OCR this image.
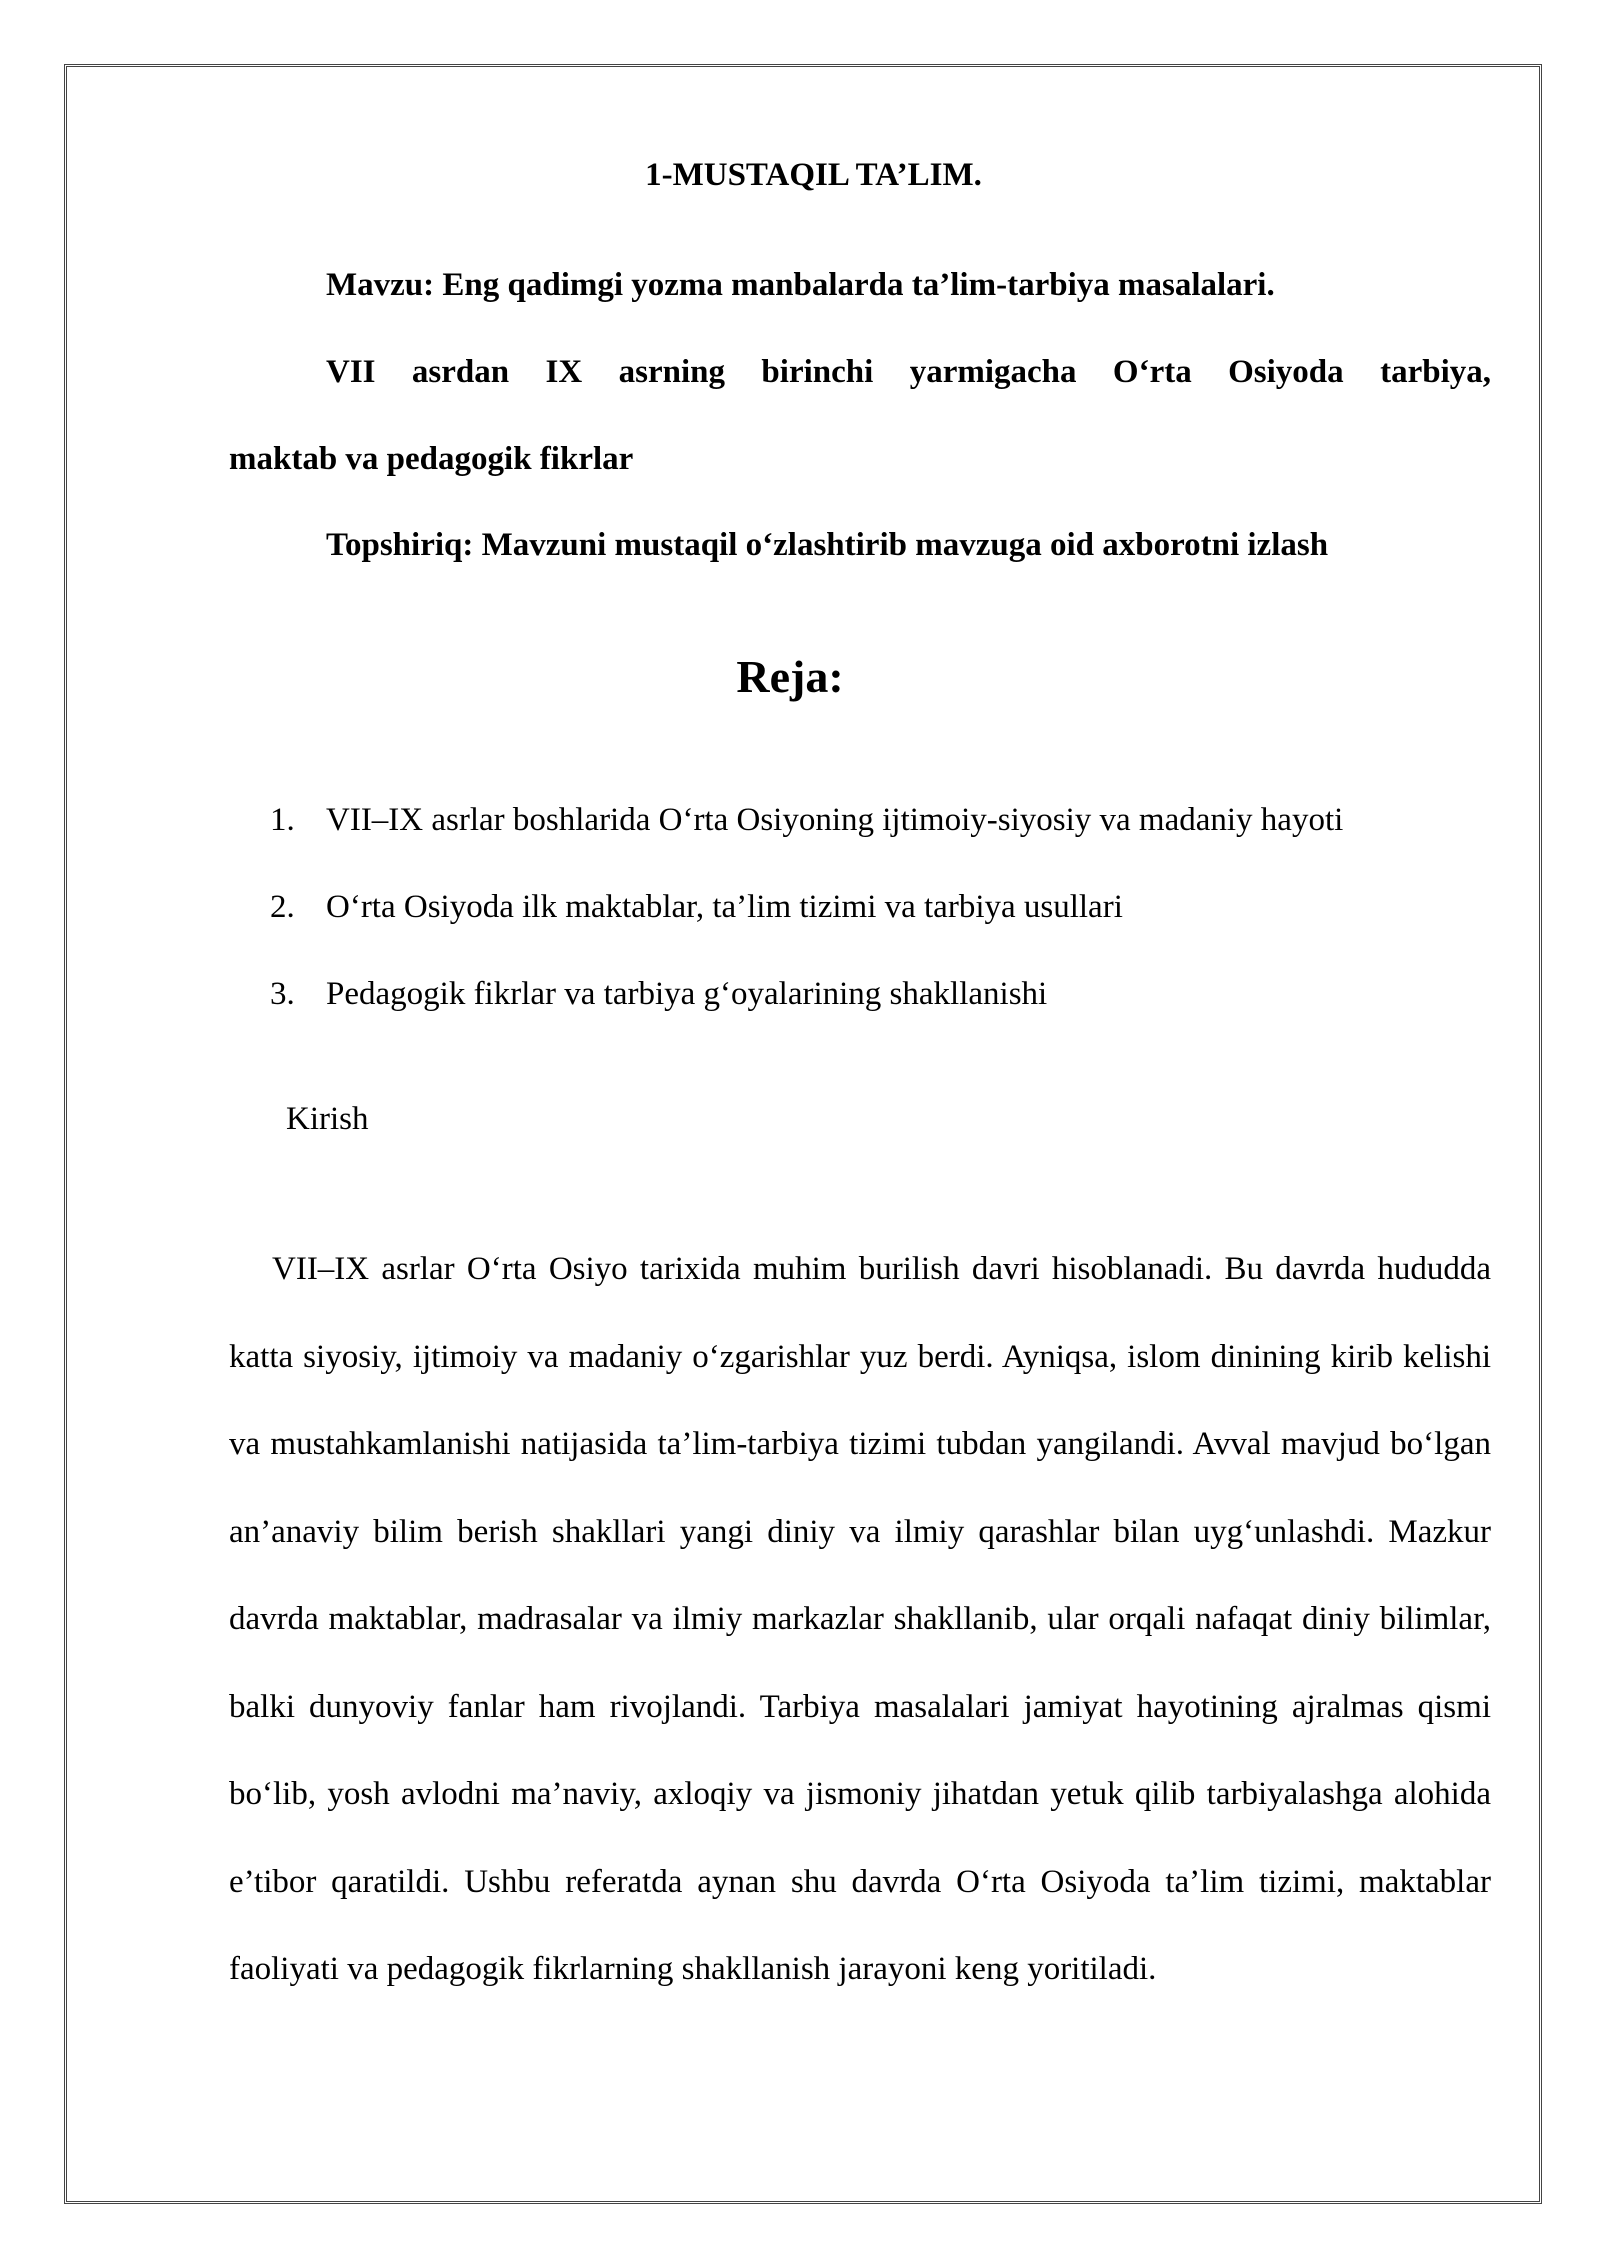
1-MUSTAQIL TA’LIM.
Mavzu: Eng qadimgi yozma manbalarda ta’lim-tarbiya masalalari.
VII asrdan IX asrning birinchi yarmigacha O‘rta Osiyoda tarbiya,
maktab va pedagogik fikrlar
Topshiriq: Mavzuni mustaqil o‘zlashtirib mavzuga oid axborotni izlash
Reja:
1. VII–IX asrlar boshlarida O‘rta Osiyoning ijtimoiy-siyosiy va madaniy hayoti
2. O‘rta Osiyoda ilk maktablar, ta’lim tizimi va tarbiya usullari
3. Pedagogik fikrlar va tarbiya g‘oyalarining shakllanishi
Kirish

VII–IX asrlar O‘rta Osiyo tarixida muhim burilish davri hisoblanadi. Bu davrda hududda katta siyosiy, ijtimoiy va madaniy o‘zgarishlar yuz berdi. Ayniqsa, islom dinining kirib kelishi va mustahkamlanishi natijasida ta’lim-tarbiya tizimi tubdan yangilandi. Avval mavjud bo‘lgan an’anaviy bilim berish shakllari yangi diniy va ilmiy qarashlar bilan uyg‘unlashdi. Mazkur davrda maktablar, madrasalar va ilmiy markazlar shakllanib, ular orqali nafaqat diniy bilimlar, balki dunyoviy fanlar ham rivojlandi. Tarbiya masalalari jamiyat hayotining ajralmas qismi bo‘lib, yosh avlodni ma’naviy, axloqiy va jismoniy jihatdan yetuk qilib tarbiyalashga alohida e’tibor qaratildi. Ushbu referatda aynan shu davrda O‘rta Osiyoda ta’lim tizimi, maktablar faoliyati va pedagogik fikrlarning shakllanish jarayoni keng yoritiladi.
